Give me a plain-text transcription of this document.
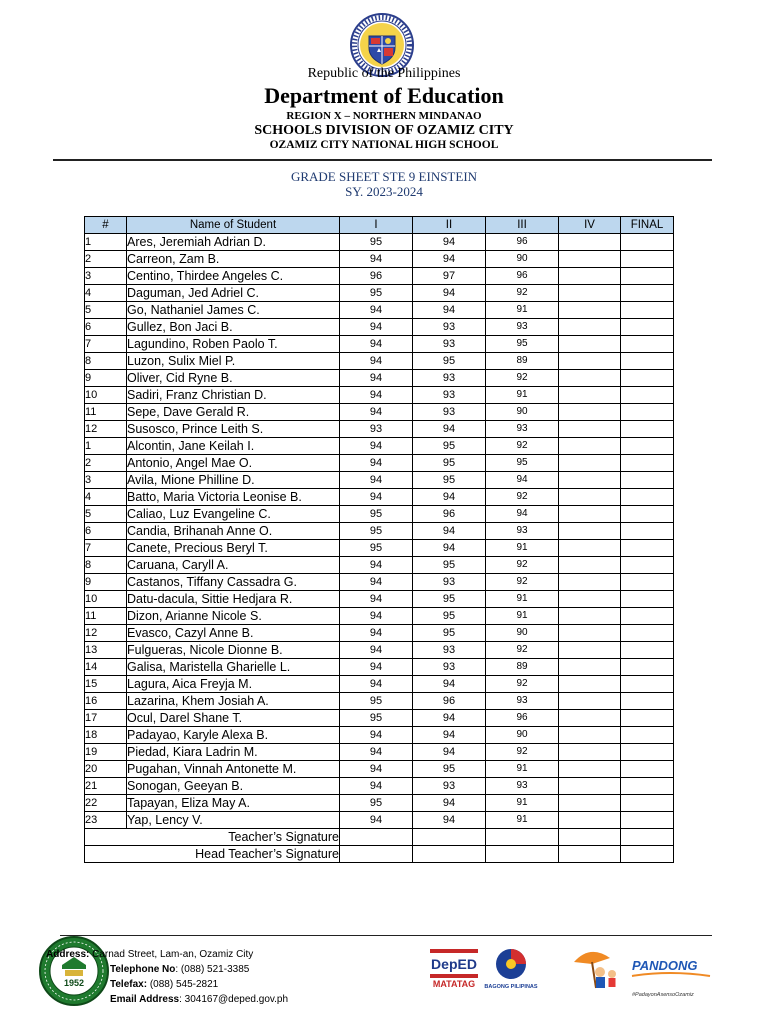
Republic of the Philippines
Department of Education
REGION X – NORTHERN MINDANAO
SCHOOLS DIVISION OF OZAMIZ CITY
OZAMIZ CITY NATIONAL HIGH SCHOOL
GRADE SHEET STE 9 EINSTEIN
SY. 2023-2024
#	Name of Student	I	II	III	IV	FINAL
1	Ares, Jeremiah Adrian D.	95	94	96		
2	Carreon, Zam B.	94	94	90		
3	Centino, Thirdee Angeles C.	96	97	96		
4	Daguman, Jed Adriel C.	95	94	92		
5	Go, Nathaniel James C.	94	94	91		
6	Gullez, Bon Jaci B.	94	93	93		
7	Lagundino, Roben Paolo T.	94	93	95		
8	Luzon, Sulix Miel P.	94	95	89		
9	Oliver, Cid Ryne B.	94	93	92		
10	Sadiri, Franz Christian D.	94	93	91		
11	Sepe, Dave Gerald R.	94	93	90		
12	Susosco, Prince Leith S.	93	94	93		
1	Alcontin, Jane Keilah I.	94	95	92		
2	Antonio, Angel Mae O.	94	95	95		
3	Avila, Mione Philline D.	94	95	94		
4	Batto, Maria Victoria Leonise B.	94	94	92		
5	Caliao, Luz Evangeline C.	95	96	94		
6	Candia, Brihanah Anne O.	95	94	93		
7	Canete, Precious Beryl T.	95	94	91		
8	Caruana, Caryll A.	94	95	92		
9	Castanos, Tiffany Cassadra G.	94	93	92		
10	Datu-dacula, Sittie Hedjara R.	94	95	91		
11	Dizon, Arianne Nicole S.	94	95	91		
12	Evasco, Cazyl Anne B.	94	95	90		
13	Fulgueras, Nicole Dionne B.	94	93	92		
14	Galisa, Maristella Gharielle L.	94	93	89		
15	Lagura, Aica Freyja M.	94	94	92		
16	Lazarina, Khem Josiah A.	95	96	93		
17	Ocul, Darel Shane T.	95	94	96		
18	Padayao, Karyle Alexa B.	94	94	90		
19	Piedad, Kiara Ladrin M.	94	94	92		
20	Pugahan, Vinnah Antonette M.	94	95	91		
21	Sonogan, Geeyan B.	94	93	93		
22	Tapayan, Eliza May A.	95	94	91		
23	Yap, Lency V.	94	94	91		
Teacher’s Signature						
Head Teacher’s Signature						
1952
Address: Carnad Street, Lam-an, Ozamiz City
Telephone No: (088) 521-3385
Telefax: (088) 545-2821
Email Address: 304167@deped.gov.ph
DepED
MATATAG BAGONG PILIPINAS
PANDONG
#PadayonAsensoOzamiz
